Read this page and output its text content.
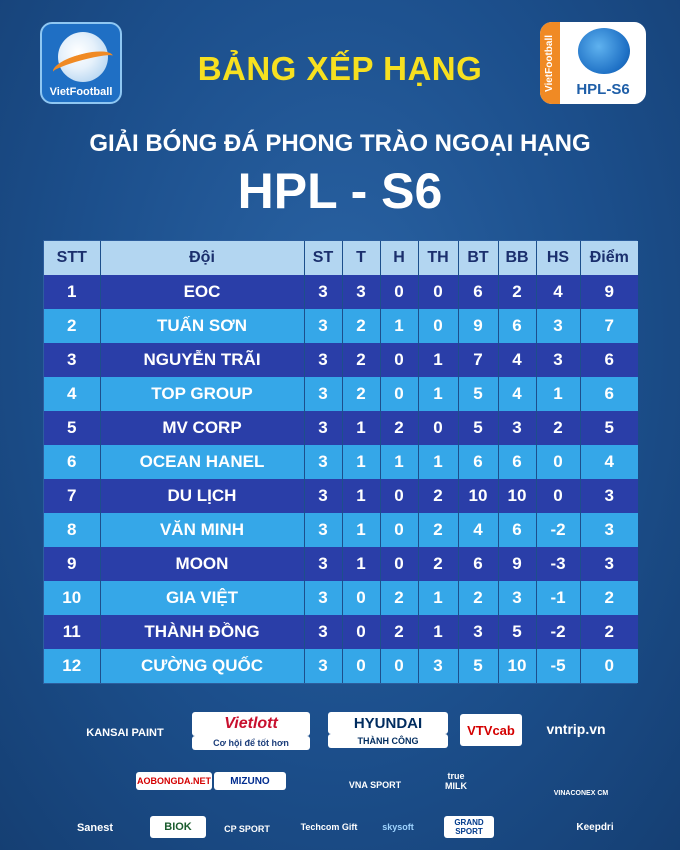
VietFootball
VietFootball	HPL-S6
BẢNG XẾP HẠNG
GIẢI BÓNG ĐÁ PHONG TRÀO NGOẠI HẠNG
HPL - S6
STT	Đội	ST	T	H	TH	BT	BB	HS	Điểm
1	EOC	3	3	0	0	6	2	4	9
2	TUẤN SƠN	3	2	1	0	9	6	3	7
3	NGUYỄN TRÃI	3	2	0	1	7	4	3	6
4	TOP GROUP	3	2	0	1	5	4	1	6
5	MV CORP	3	1	2	0	5	3	2	5
6	OCEAN HANEL	3	1	1	1	6	6	0	4
7	DU LỊCH	3	1	0	2	10	10	0	3
8	VĂN MINH	3	1	0	2	4	6	-2	3
9	MOON	3	1	0	2	6	9	-3	3
10	GIA VIỆT	3	0	2	1	2	3	-1	2
11	THÀNH ĐỒNG	3	0	2	1	3	5	-2	2
12	CƯỜNG QUỐC	3	0	0	3	5	10	-5	0
KANSAI PAINT
Vietlott
Cơ hội để tốt hơn
HYUNDAI
THÀNH CÔNG
VTVcab	vntrip.vn
AOBONGDA.NET	MIZUNO	VNA SPORT
true MILK
VINACONEX CM
Sanest	BIOK	CP SPORT	Techcom Gift	skysoft	GRAND SPORT	Keepdri
